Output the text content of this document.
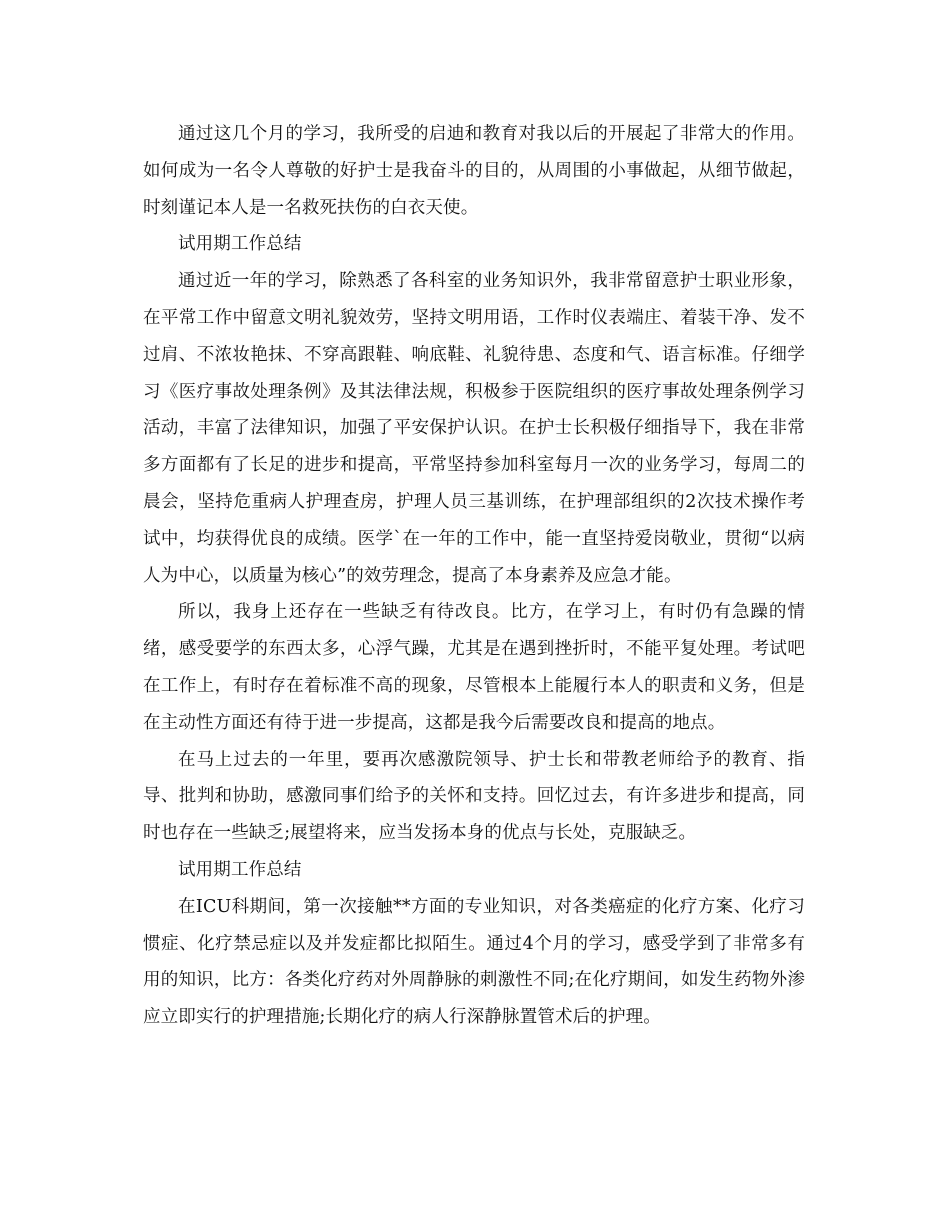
通过这几个月的学习，我所受的启迪和教育对我以后的开展起了非常大的作用。如何成为一名令人尊敬的好护士是我奋斗的目的，从周围的小事做起，从细节做起，时刻谨记本人是一名救死扶伤的白衣天使。

试用期工作总结

通过近一年的学习，除熟悉了各科室的业务知识外，我非常留意护士职业形象，在平常工作中留意文明礼貌效劳，坚持文明用语，工作时仪表端庄、着装干净、发不过肩、不浓妆艳抹、不穿高跟鞋、响底鞋、礼貌待患、态度和气、语言标准。仔细学习《医疗事故处理条例》及其法律法规，积极参于医院组织的医疗事故处理条例学习活动，丰富了法律知识，加强了平安保护认识。在护士长积极仔细指导下，我在非常多方面都有了长足的进步和提高，平常坚持参加科室每月一次的业务学习，每周二的晨会，坚持危重病人护理查房，护理人员三基训练，在护理部组织的2次技术操作考试中，均获得优良的成绩。医学`在一年的工作中，能一直坚持爱岗敬业，贯彻“以病人为中心，以质量为核心”的效劳理念，提高了本身素养及应急才能。

所以，我身上还存在一些缺乏有待改良。比方，在学习上，有时仍有急躁的情绪，感受要学的东西太多，心浮气躁，尤其是在遇到挫折时，不能平复处理。考试吧在工作上，有时存在着标准不高的现象，尽管根本上能履行本人的职责和义务，但是在主动性方面还有待于进一步提高，这都是我今后需要改良和提高的地点。

在马上过去的一年里，要再次感激院领导、护士长和带教老师给予的教育、指导、批判和协助，感激同事们给予的关怀和支持。回忆过去，有许多进步和提高，同时也存在一些缺乏;展望将来，应当发扬本身的优点与长处，克服缺乏。

试用期工作总结

在ICU科期间，第一次接触**方面的专业知识，对各类癌症的化疗方案、化疗习惯症、化疗禁忌症以及并发症都比拟陌生。通过4个月的学习，感受学到了非常多有用的知识，比方：各类化疗药对外周静脉的刺激性不同;在化疗期间，如发生药物外渗应立即实行的护理措施;长期化疗的病人行深静脉置管术后的护理。
